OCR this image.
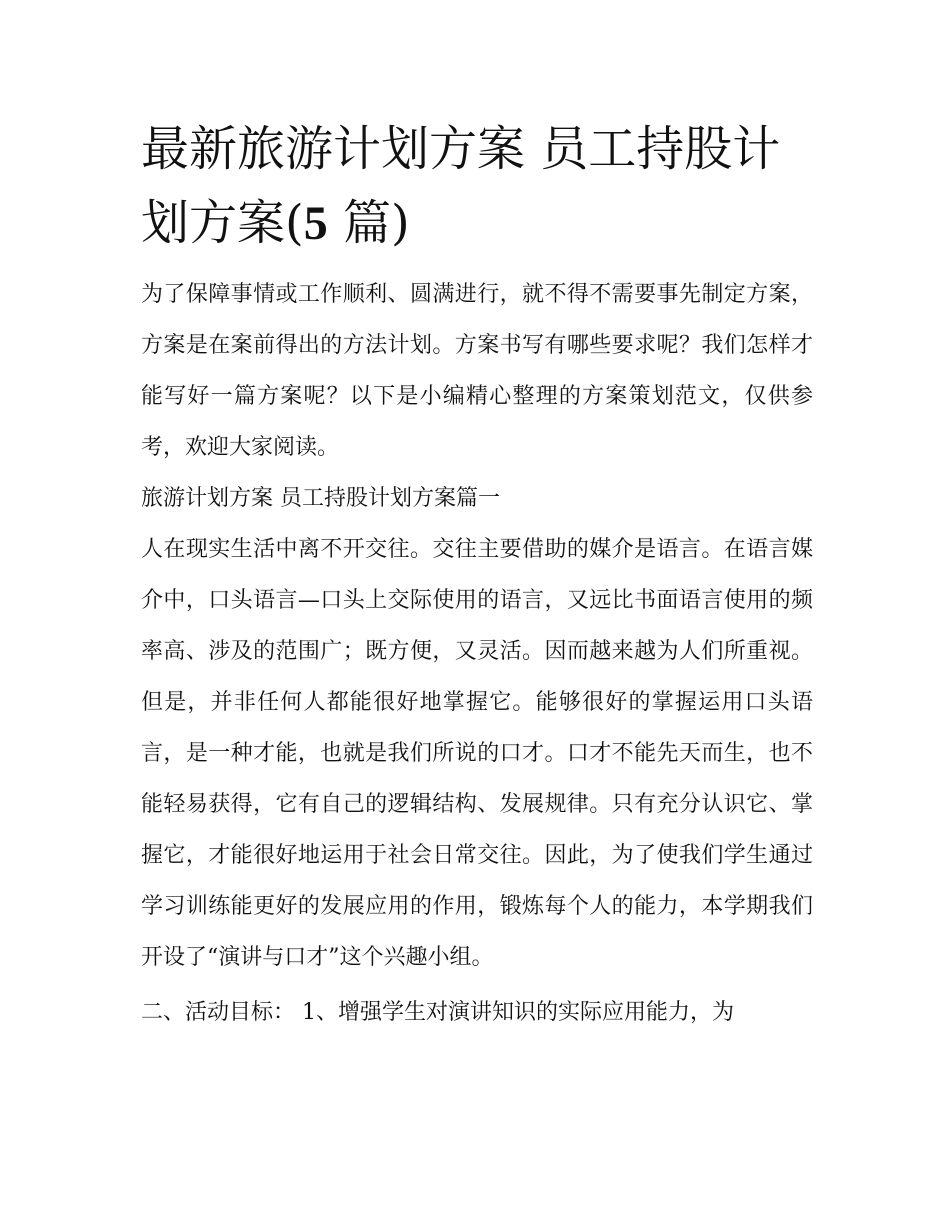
最新旅游计划方案 员工持股计
划方案(5 篇)

为了保障事情或工作顺利、圆满进行，就不得不需要事先制定方案，方案是在案前得出的方法计划。方案书写有哪些要求呢？我们怎样才能写好一篇方案呢？以下是小编精心整理的方案策划范文，仅供参考，欢迎大家阅读。

旅游计划方案 员工持股计划方案篇一

人在现实生活中离不开交往。交往主要借助的媒介是语言。在语言媒介中，口头语言—口头上交际使用的语言，又远比书面语言使用的频率高、涉及的范围广；既方便，又灵活。因而越来越为人们所重视。但是，并非任何人都能很好地掌握它。能够很好的掌握运用口头语言，是一种才能，也就是我们所说的口才。口才不能先天而生，也不能轻易获得，它有自己的逻辑结构、发展规律。只有充分认识它、掌握它，才能很好地运用于社会日常交往。因此，为了使我们学生通过学习训练能更好的发展应用的作用，锻炼每个人的能力，本学期我们开设了“演讲与口才”这个兴趣小组。

二、活动目标： 1、增强学生对演讲知识的实际应用能力，为
